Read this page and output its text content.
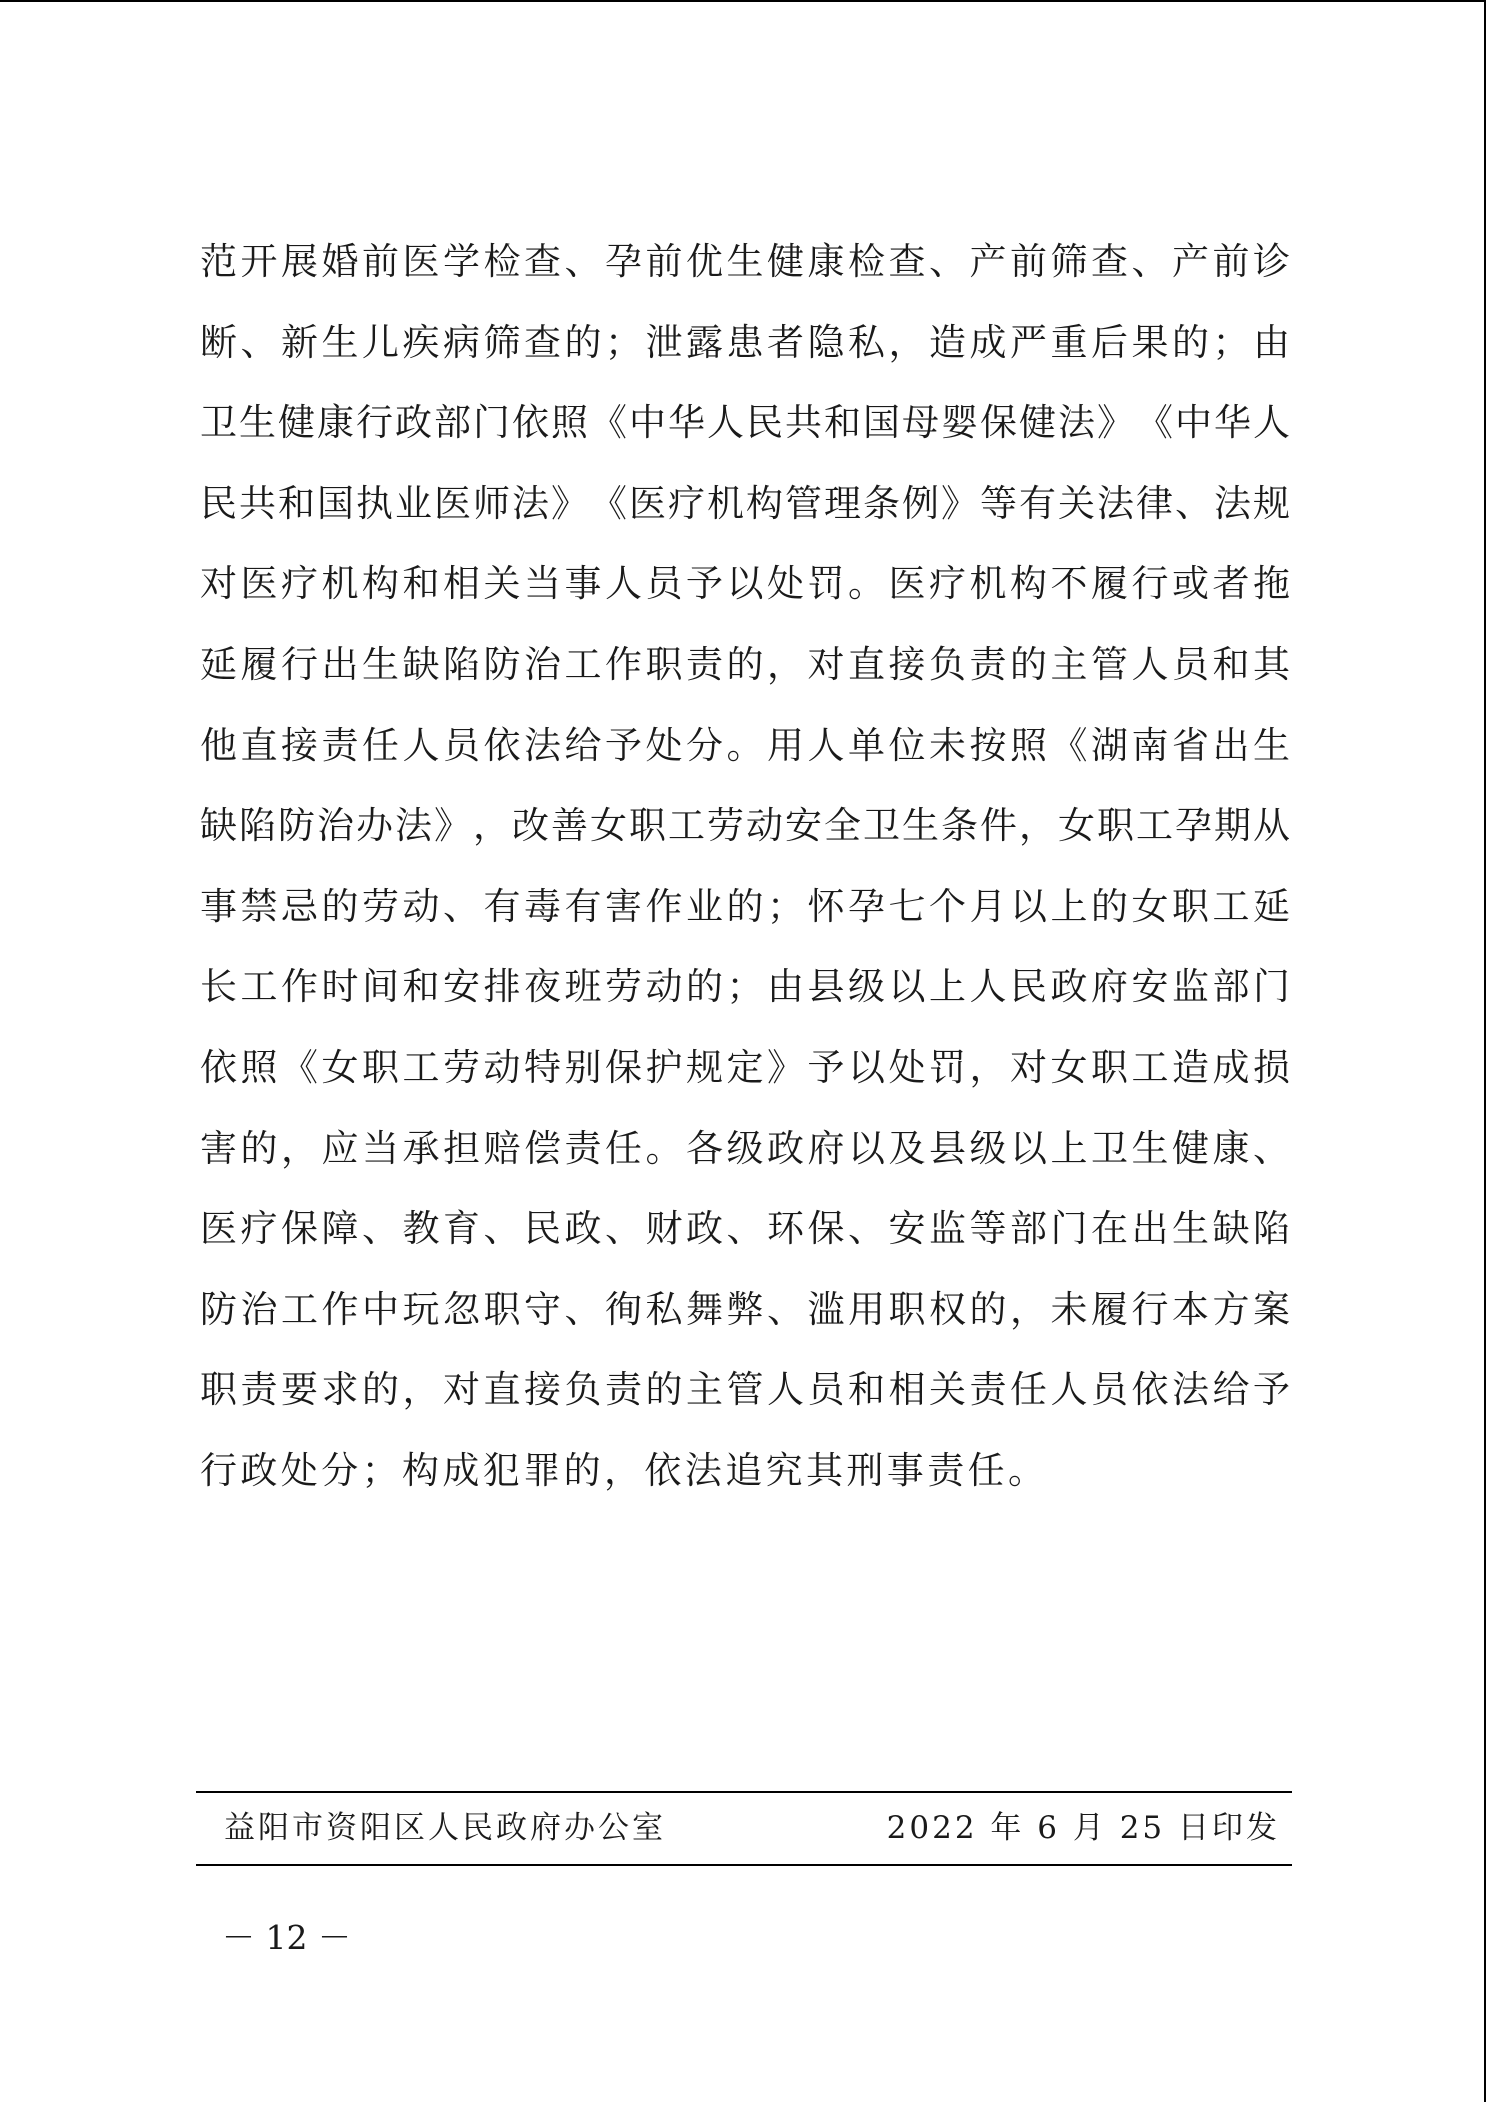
范 开 展 婚 前 医 学 检 查 、 孕 前 优 生 健 康 检 查 、 产 前 筛 查 、 产 前 诊
断 、 新 生 儿 疾 病 筛 查 的 ； 泄 露 患 者 隐 私 ， 造 成 严 重 后 果 的 ； 由
卫 生 健 康 行 政 部 门 依 照 《 中 华 人 民 共 和 国 母 婴 保 健 法 》 《 中 华 人
民 共 和 国 执 业 医 师 法 》 《 医 疗 机 构 管 理 条 例 》 等 有 关 法 律 、 法 规
对 医 疗 机 构 和 相 关 当 事 人 员 予 以 处 罚 。 医 疗 机 构 不 履 行 或 者 拖
延 履 行 出 生 缺 陷 防 治 工 作 职 责 的 ， 对 直 接 负 责 的 主 管 人 员 和 其
他 直 接 责 任 人 员 依 法 给 予 处 分 。 用 人 单 位 未 按 照 《 湖 南 省 出 生
缺 陷 防 治 办 法 》 ， 改 善 女 职 工 劳 动 安 全 卫 生 条 件 ， 女 职 工 孕 期 从
事 禁 忌 的 劳 动 、 有 毒 有 害 作 业 的 ； 怀 孕 七 个 月 以 上 的 女 职 工 延
长 工 作 时 间 和 安 排 夜 班 劳 动 的 ； 由 县 级 以 上 人 民 政 府 安 监 部 门
依 照 《 女 职 工 劳 动 特 别 保 护 规 定 》 予 以 处 罚 ， 对 女 职 工 造 成 损
害 的 ， 应 当 承 担 赔 偿 责 任 。 各 级 政 府 以 及 县 级 以 上 卫 生 健 康 、
医 疗 保 障 、 教 育 、 民 政 、 财 政 、 环 保 、 安 监 等 部 门 在 出 生 缺 陷
防 治 工 作 中 玩 忽 职 守 、 徇 私 舞 弊 、 滥 用 职 权 的 ， 未 履 行 本 方 案
职 责 要 求 的 ， 对 直 接 负 责 的 主 管 人 员 和 相 关 责 任 人 员 依 法 给 予
行政处分；构成犯罪的，依法追究其刑事责任。
益阳市资阳区人民政府办公室	2022 年 6 月 25 日印发
－ 12 －
